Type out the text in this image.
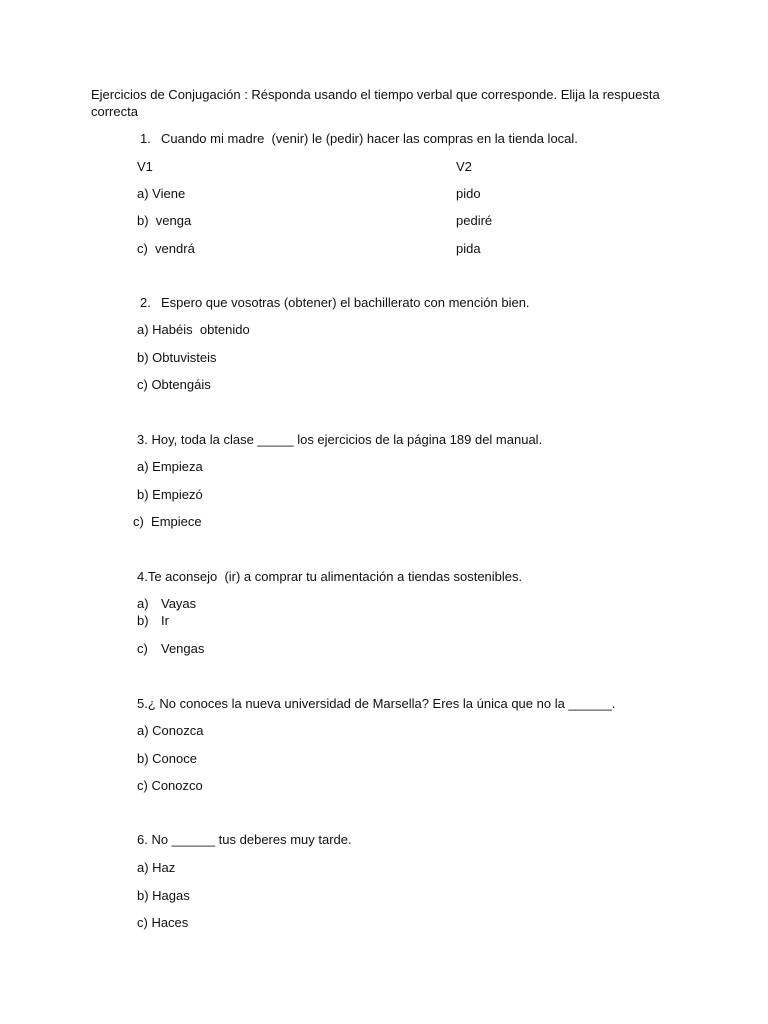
Ejercicios de Conjugación : Résponda usando el tiempo verbal que corresponde. Elija la respuesta
correcta
1. Cuando mi madre  (venir) le (pedir) hacer las compras en la tienda local.
V1	V2
a) Viene	pido
b)  venga	pediré
c)  vendrá	pida
2. Espero que vosotras (obtener) el bachillerato con mención bien.
a) Habéis  obtenido
b) Obtuvisteis
c) Obtengáis
3. Hoy, toda la clase _____ los ejercicios de la página 189 del manual.
a) Empieza
b) Empiezó
c)  Empiece
4.Te aconsejo  (ir) a comprar tu alimentación a tiendas sostenibles.
a) Vayas
b) Ir
c) Vengas
5.¿ No conoces la nueva universidad de Marsella? Eres la única que no la ______.
a) Conozca
b) Conoce
c) Conozco
6. No ______ tus deberes muy tarde.
a) Haz
b) Hagas
c) Haces
